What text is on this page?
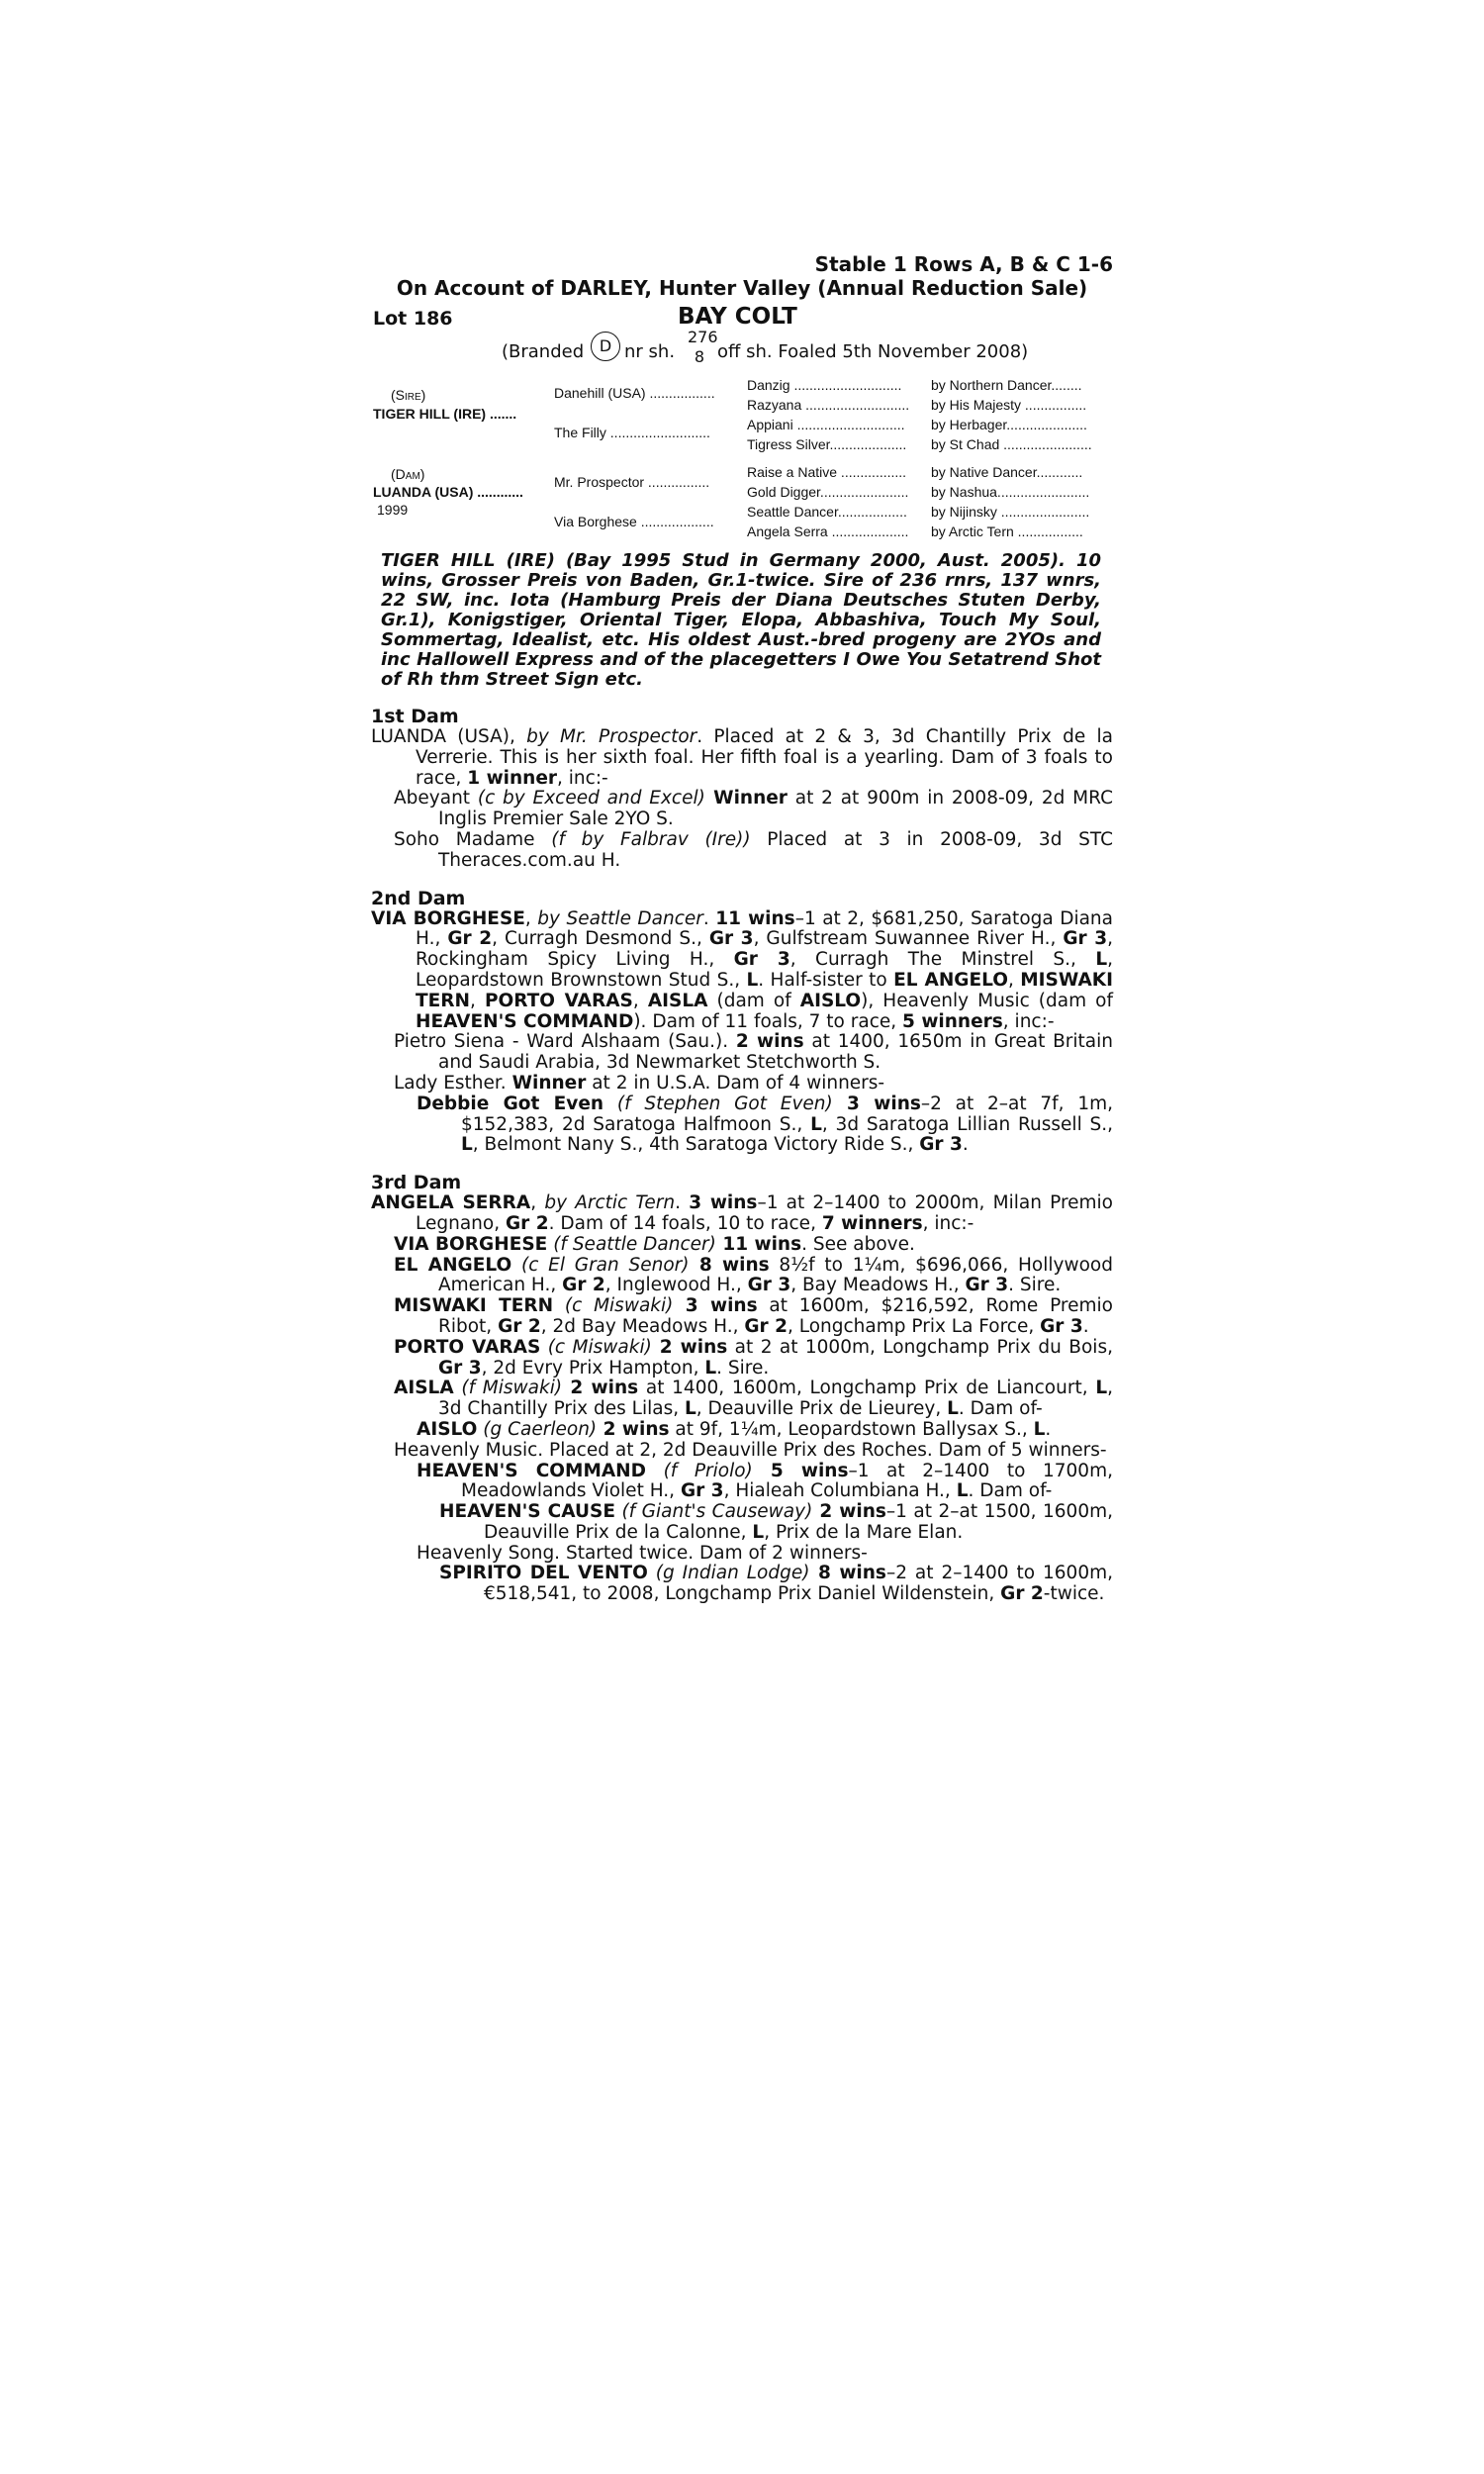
Stable 1 Rows A, B & C 1-6
On Account of DARLEY, Hunter Valley (Annual Reduction Sale)
Lot 186	BAY COLT
(Branded D nr sh.
276
8 off sh. Foaled 5th November 2008)
(Sire)
TIGER HILL (IRE) .......
(Dam)
LUANDA (USA) ............
1999
Danehill (USA) .................
The Filly ..........................
Mr. Prospector ................
Via Borghese ...................
Danzig ............................
Razyana ...........................
Appiani ............................
Tigress Silver....................
Raise a Native .................
Gold Digger.......................
Seattle Dancer..................
Angela Serra ....................
by Northern Dancer........
by His Majesty ................
by Herbager.....................
by St Chad .......................
by Native Dancer............
by Nashua........................
by Nijinsky .......................
by Arctic Tern .................
TIGER HILL (IRE) (Bay 1995 Stud in Germany 2000, Aust. 2005). 10 wins, Grosser Preis von Baden, Gr.1-twice. Sire of 236 rnrs, 137 wnrs, 22 SW, inc. Iota (Hamburg Preis der Diana Deutsches Stuten Derby, Gr.1), Konigstiger, Oriental Tiger, Elopa, Abbashiva, Touch My Soul, Sommertag, Idealist, etc. His oldest Aust.-bred progeny are 2YOs and inc Hallowell Express and of the placegetters I Owe You Setatrend Shot of Rh thm Street Sign etc.
1st Dam

LUANDA (USA), by Mr. Prospector. Placed at 2 & 3, 3d Chantilly Prix de la Verrerie. This is her sixth foal. Her fifth foal is a yearling. Dam of 3 foals to race, 1 winner, inc:-

Abeyant (c by Exceed and Excel) Winner at 2 at 900m in 2008-09, 2d MRC Inglis Premier Sale 2YO S.

Soho Madame (f by Falbrav (Ire)) Placed at 3 in 2008-09, 3d STC Theraces.com.au H.

2nd Dam

VIA BORGHESE, by Seattle Dancer. 11 wins–1 at 2, $681,250, Saratoga Diana H., Gr 2, Curragh Desmond S., Gr 3, Gulfstream Suwannee River H., Gr 3, Rockingham Spicy Living H., Gr 3, Curragh The Minstrel S., L, Leopardstown Brownstown Stud S., L. Half-sister to EL ANGELO, MISWAKI TERN, PORTO VARAS, AISLA (dam of AISLO), Heavenly Music (dam of HEAVEN'S COMMAND). Dam of 11 foals, 7 to race, 5 winners, inc:-

Pietro Siena - Ward Alshaam (Sau.). 2 wins at 1400, 1650m in Great Britain and Saudi Arabia, 3d Newmarket Stetchworth S.

Lady Esther. Winner at 2 in U.S.A. Dam of 4 winners-

Debbie Got Even (f Stephen Got Even) 3 wins–2 at 2–at 7f, 1m, $152,383, 2d Saratoga Halfmoon S., L, 3d Saratoga Lillian Russell S., L, Belmont Nany S., 4th Saratoga Victory Ride S., Gr 3.

3rd Dam

ANGELA SERRA, by Arctic Tern. 3 wins–1 at 2–1400 to 2000m, Milan Premio Legnano, Gr 2. Dam of 14 foals, 10 to race, 7 winners, inc:-

VIA BORGHESE (f Seattle Dancer) 11 wins. See above.

EL ANGELO (c El Gran Senor) 8 wins 8½f to 1¼m, $696,066, Hollywood American H., Gr 2, Inglewood H., Gr 3, Bay Meadows H., Gr 3. Sire.

MISWAKI TERN (c Miswaki) 3 wins at 1600m, $216,592, Rome Premio Ribot, Gr 2, 2d Bay Meadows H., Gr 2, Longchamp Prix La Force, Gr 3.

PORTO VARAS (c Miswaki) 2 wins at 2 at 1000m, Longchamp Prix du Bois, Gr 3, 2d Evry Prix Hampton, L. Sire.

AISLA (f Miswaki) 2 wins at 1400, 1600m, Longchamp Prix de Liancourt, L, 3d Chantilly Prix des Lilas, L, Deauville Prix de Lieurey, L. Dam of-

AISLO (g Caerleon) 2 wins at 9f, 1¼m, Leopardstown Ballysax S., L.

Heavenly Music. Placed at 2, 2d Deauville Prix des Roches. Dam of 5 winners-

HEAVEN'S COMMAND (f Priolo) 5 wins–1 at 2–1400 to 1700m, Meadowlands Violet H., Gr 3, Hialeah Columbiana H., L. Dam of-

HEAVEN'S CAUSE (f Giant's Causeway) 2 wins–1 at 2–at 1500, 1600m, Deauville Prix de la Calonne, L, Prix de la Mare Elan.

Heavenly Song. Started twice. Dam of 2 winners-

SPIRITO DEL VENTO (g Indian Lodge) 8 wins–2 at 2–1400 to 1600m, €518,541, to 2008, Longchamp Prix Daniel Wildenstein, Gr 2-twice.
